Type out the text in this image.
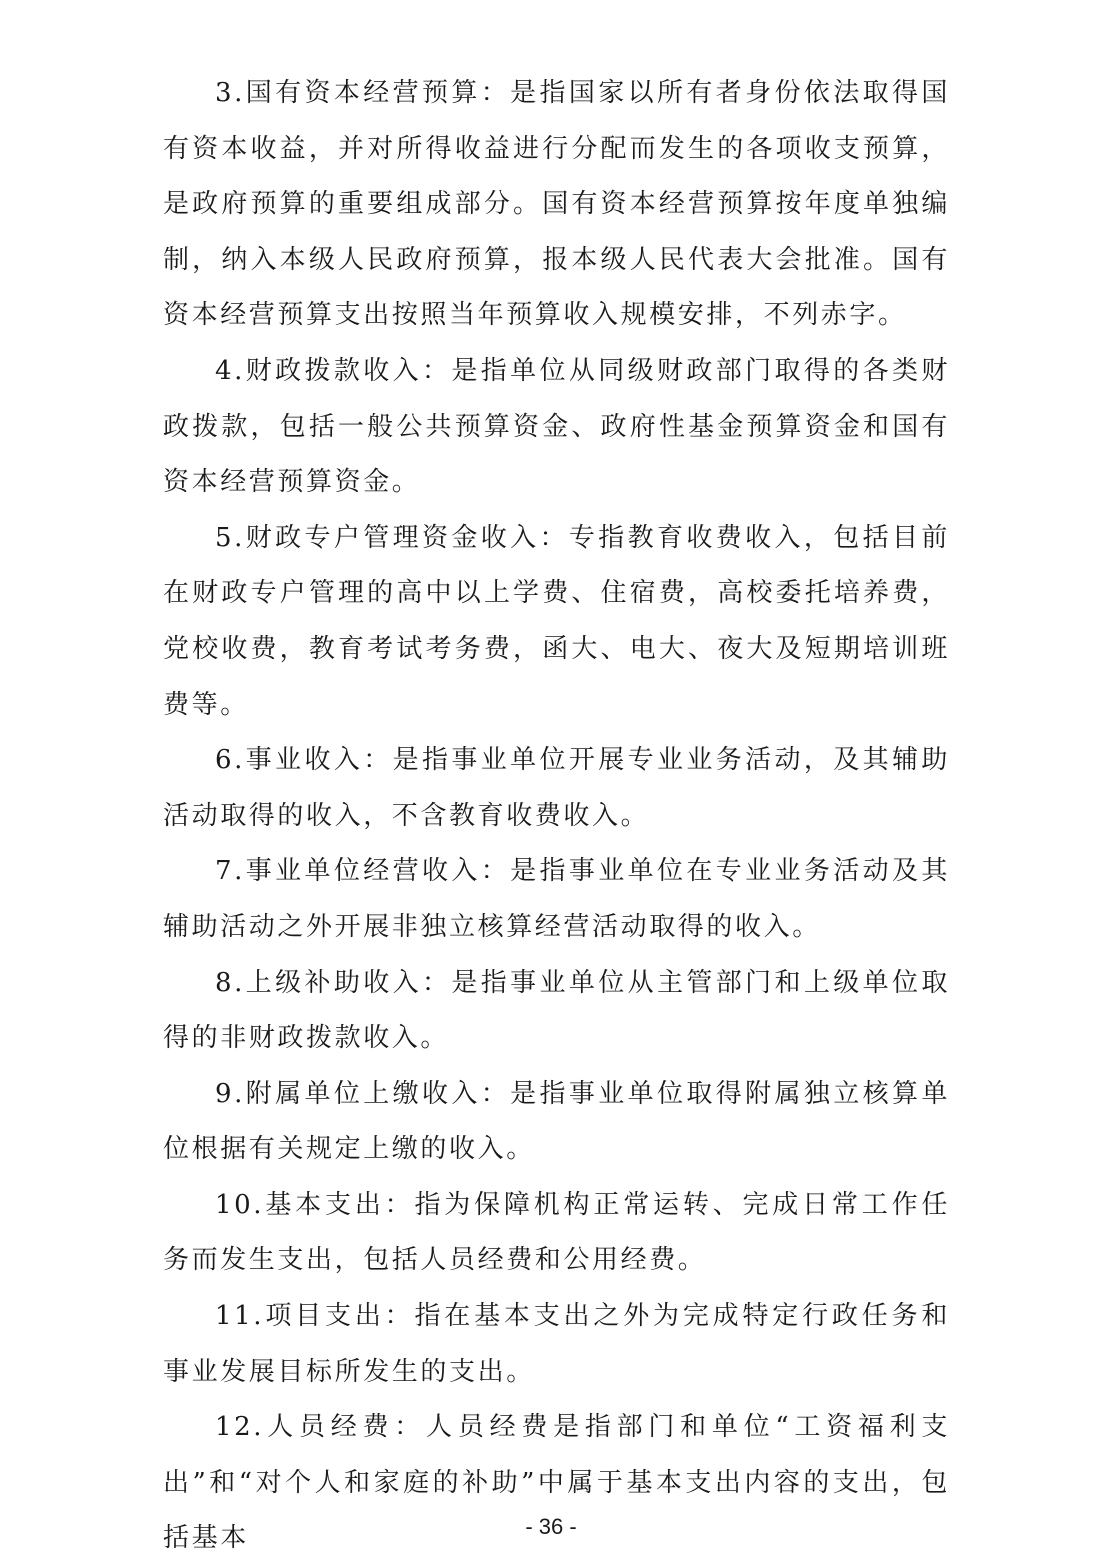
3.国有资本经营预算：是指国家以所有者身份依法取得国有资本收益，并对所得收益进行分配而发生的各项收支预算，是政府预算的重要组成部分。国有资本经营预算按年度单独编制，纳入本级人民政府预算，报本级人民代表大会批准。国有资本经营预算支出按照当年预算收入规模安排，不列赤字。

4.财政拨款收入：是指单位从同级财政部门取得的各类财政拨款，包括一般公共预算资金、政府性基金预算资金和国有资本经营预算资金。

5.财政专户管理资金收入：专指教育收费收入，包括目前在财政专户管理的高中以上学费、住宿费，高校委托培养费，党校收费，教育考试考务费，函大、电大、夜大及短期培训班费等。

6.事业收入：是指事业单位开展专业业务活动，及其辅助活动取得的收入，不含教育收费收入。

7.事业单位经营收入：是指事业单位在专业业务活动及其辅助活动之外开展非独立核算经营活动取得的收入。

8.上级补助收入：是指事业单位从主管部门和上级单位取得的非财政拨款收入。

9.附属单位上缴收入：是指事业单位取得附属独立核算单位根据有关规定上缴的收入。

10.基本支出：指为保障机构正常运转、完成日常工作任务而发生支出，包括人员经费和公用经费。

11.项目支出：指在基本支出之外为完成特定行政任务和事业发展目标所发生的支出。

12.人员经费：人员经费是指部门和单位“工资福利支出”和“对个人和家庭的补助”中属于基本支出内容的支出，包括基本	- 36 -
